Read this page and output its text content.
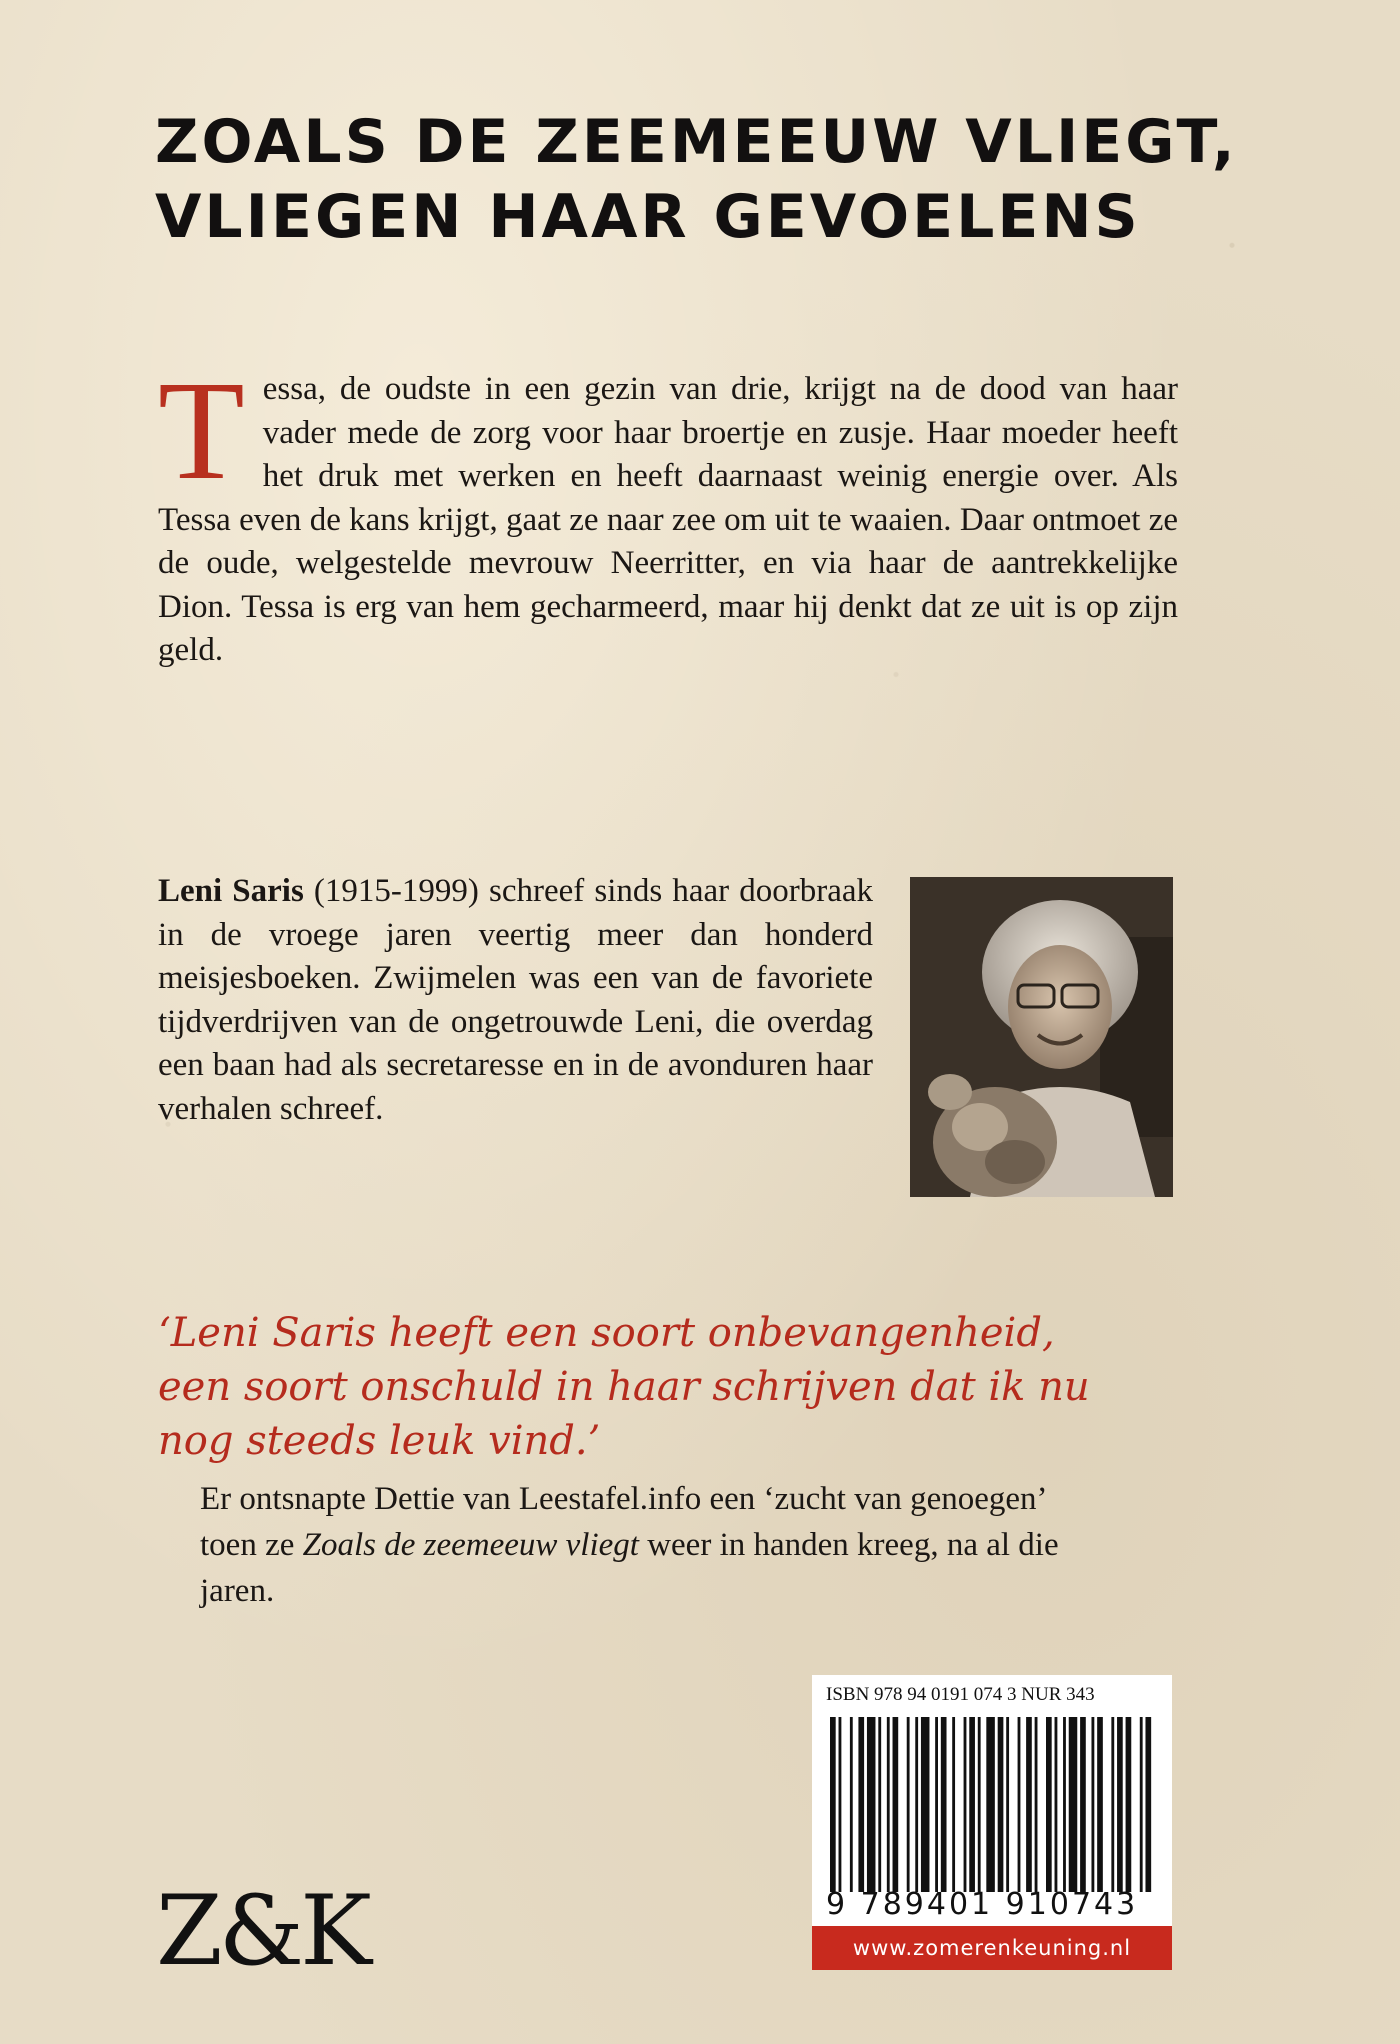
ZOALS DE ZEEMEEUW VLIEGT,
VLIEGEN HAAR GEVOELENS
Tessa, de oudste in een gezin van drie, krijgt na de dood van haar vader mede de zorg voor haar broertje en zusje. Haar moeder heeft het druk met werken en heeft daarnaast weinig energie over. Als Tessa even de kans krijgt, gaat ze naar zee om uit te waaien. Daar ontmoet ze de oude, welgestelde mevrouw Neerritter, en via haar de aantrekkelijke Dion. Tessa is erg van hem gecharmeerd, maar hij denkt dat ze uit is op zijn geld.
Leni Saris (1915-1999) schreef sinds haar doorbraak in de vroege jaren veertig meer dan honderd meisjesboeken. Zwijmelen was een van de favoriete tijdverdrijven van de ongetrouwde Leni, die overdag een baan had als secretaresse en in de avonduren haar verhalen schreef.
‘Leni Saris heeft een soort onbevangenheid,
een soort onschuld in haar schrijven dat ik nu
nog steeds leuk vind.’
Er ontsnapte Dettie van Leestafel.info een ‘zucht van genoegen’ toen ze Zoals de zeemeeuw vliegt weer in handen kreeg, na al die jaren.
Z&K
ISBN 978 94 0191 074 3 NUR 343
9 789401 910743
www.zomerenkeuning.nl
